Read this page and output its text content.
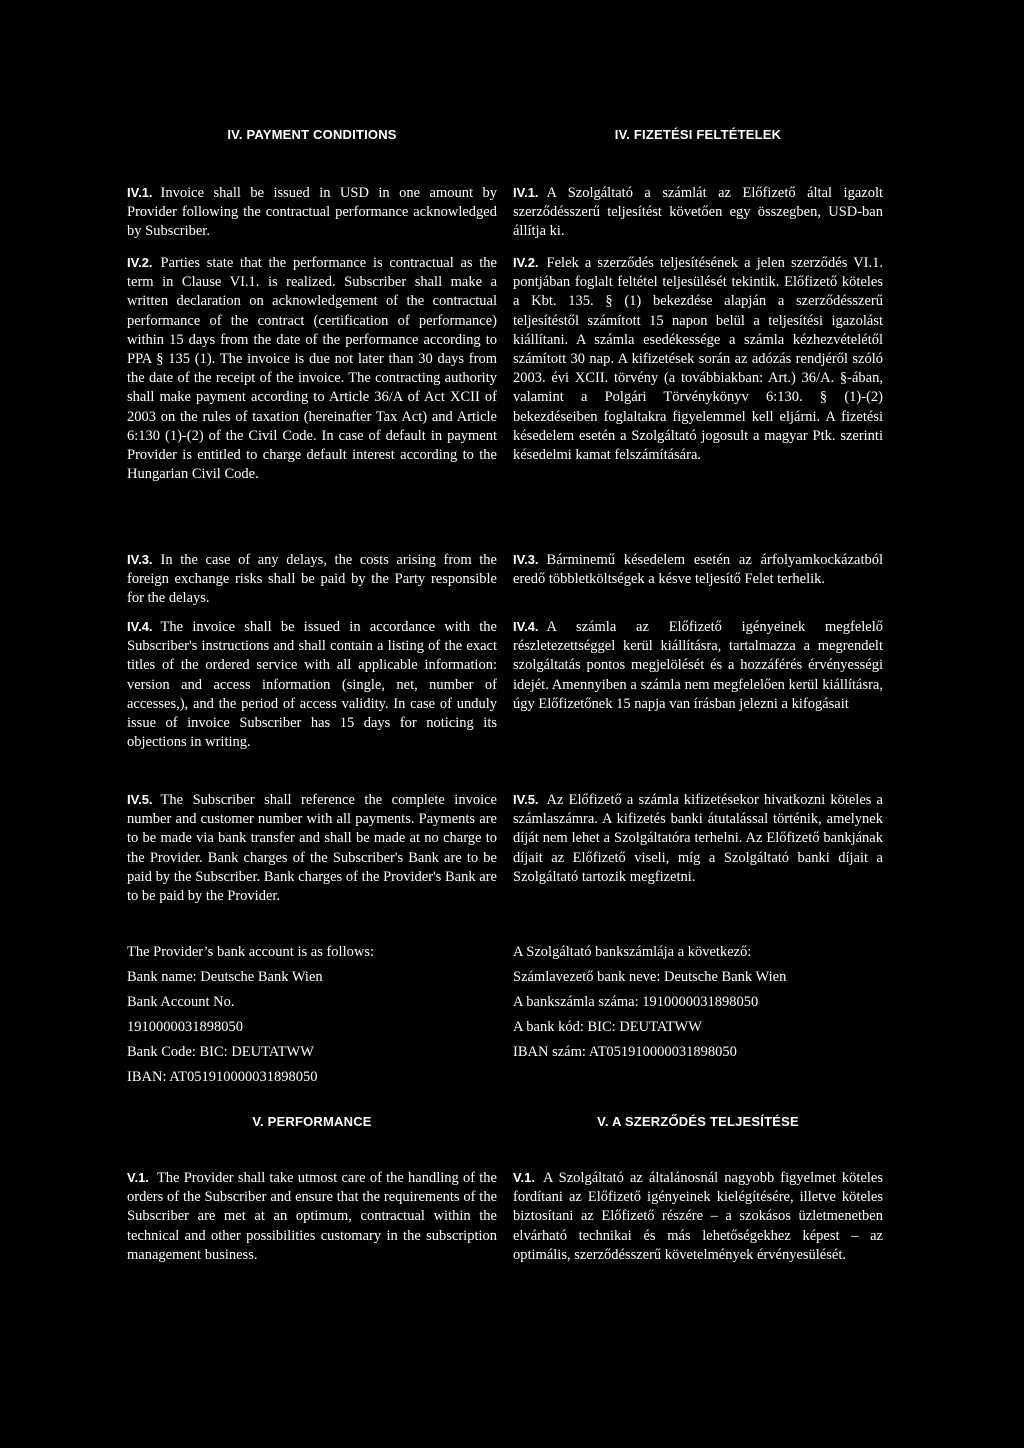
IV. PAYMENT CONDITIONS	IV. FIZETÉSI FELTÉTELEK

IV.1. Invoice shall be issued in USD in one amount by Provider following the contractual performance acknowledged by Subscriber.

IV.2. Parties state that the performance is contractual as the term in Clause VI.1. is realized. Subscriber shall make a written declaration on acknowledgement of the contractual performance of the contract (certification of performance) within 15 days from the date of the performance according to PPA § 135 (1). The invoice is due not later than 30 days from the date of the receipt of the invoice. The contracting authority shall make payment according to Article 36/A of Act XCII of 2003 on the rules of taxation (hereinafter Tax Act) and Article 6:130 (1)-(2) of the Civil Code. In case of default in payment Provider is entitled to charge default interest according to the Hungarian Civil Code.

IV.3. In the case of any delays, the costs arising from the foreign exchange risks shall be paid by the Party responsible for the delays.

IV.4. The invoice shall be issued in accordance with the Subscriber's instructions and shall contain a listing of the exact titles of the ordered service with all applicable information: version and access information (single, net, number of accesses,), and the period of access validity. In case of unduly issue of invoice Subscriber has 15 days for noticing its objections in writing.

IV.5. The Subscriber shall reference the complete invoice number and customer number with all payments. Payments are to be made via bank transfer and shall be made at no charge to the Provider. Bank charges of the Subscriber's Bank are to be paid by the Subscriber. Bank charges of the Provider's Bank are to be paid by the Provider.

The Provider’s bank account is as follows:
Bank name: Deutsche Bank Wien
Bank Account No.
1910000031898050
Bank Code: BIC: DEUTATWW
IBAN: AT051910000031898050

IV.1. A Szolgáltató a számlát az Előfizető által igazolt szerződésszerű teljesítést követően egy összegben, USD-ban állítja ki.

IV.2. Felek a szerződés teljesítésének a jelen szerződés VI.1. pontjában foglalt feltétel teljesülését tekintik. Előfizető köteles a Kbt. 135. § (1) bekezdése alapján a szerződésszerű teljesítéstől számított 15 napon belül a teljesítési igazolást kiállítani. A számla esedékessége a számla kézhezvételétől számított 30 nap. A kifizetések során az adózás rendjéről szóló 2003. évi XCII. törvény (a továbbiakban: Art.) 36/A. §-ában, valamint a Polgári Törvénykönyv 6:130. § (1)-(2) bekezdéseiben foglaltakra figyelemmel kell eljárni. A fizetési késedelem esetén a Szolgáltató jogosult a magyar Ptk. szerinti késedelmi kamat felszámítására.

IV.3. Bárminemű késedelem esetén az árfolyamkockázatból eredő többletköltségek a késve teljesítő Felet terhelik.

IV.4. A számla az Előfizető igényeinek megfelelő részletezettséggel kerül kiállításra, tartalmazza a megrendelt szolgáltatás pontos megjelölését és a hozzáférés érvényességi idejét. Amennyiben a számla nem megfelelően kerül kiállításra, úgy Előfizetőnek 15 napja van írásban jelezni a kifogásait

IV.5. Az Előfizető a számla kifizetésekor hivatkozni köteles a számlaszámra. A kifizetés banki átutalással történik, amelynek díját nem lehet a Szolgáltatóra terhelni. Az Előfizető bankjának díjait az Előfizető viseli, míg a Szolgáltató banki díjait a Szolgáltató tartozik megfizetni.

A Szolgáltató bankszámlája a következő:
Számlavezető bank neve: Deutsche Bank Wien
A bankszámla száma: 1910000031898050
A bank kód: BIC: DEUTATWW
IBAN szám: AT051910000031898050
V. PERFORMANCE	V. A SZERZŐDÉS TELJESÍTÉSE

V.1. The Provider shall take utmost care of the handling of the orders of the Subscriber and ensure that the requirements of the Subscriber are met at an optimum, contractual within the technical and other possibilities customary in the subscription management business.

V.1. A Szolgáltató az általánosnál nagyobb figyelmet köteles fordítani az Előfizető igényeinek kielégítésére, illetve köteles biztosítani az Előfizető részére – a szokásos üzletmenetben elvárható technikai és más lehetőségekhez képest – az optimális, szerződésszerű követelmények érvényesülését.
